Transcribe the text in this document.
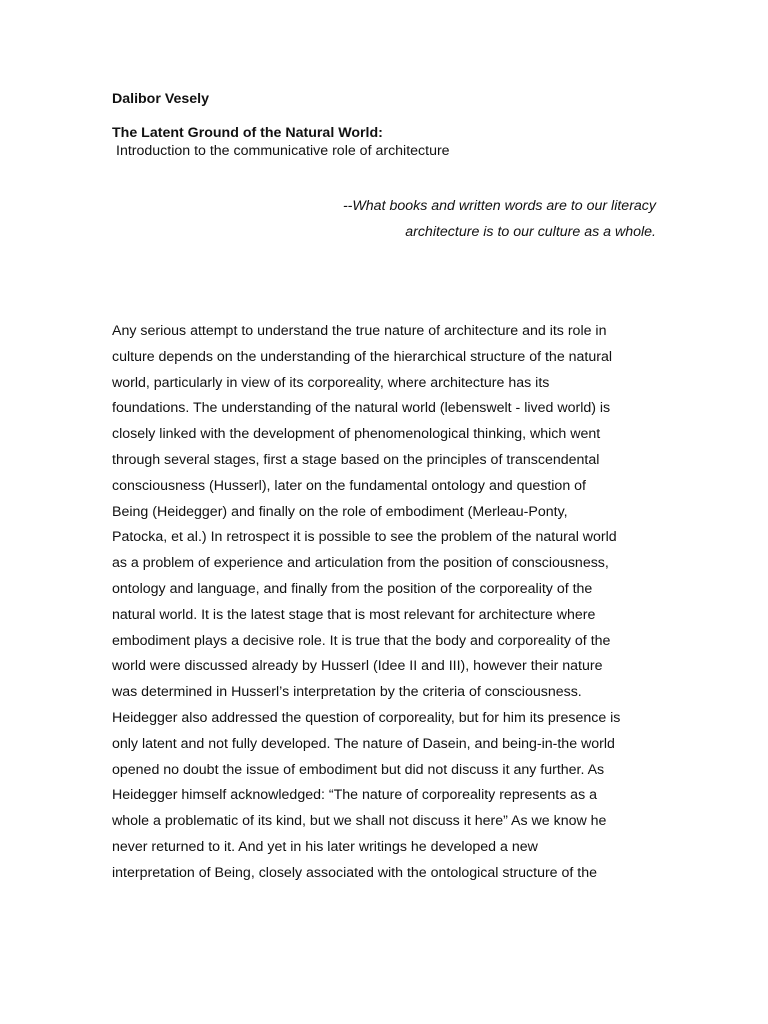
Dalibor Vesely
The Latent Ground of the Natural World:
Introduction to the communicative role of architecture
--What books and written words are to our literacy
architecture is to our culture as a whole.
Any serious attempt to understand the true nature of architecture and its role in
culture depends on the understanding of the hierarchical structure of the natural
world, particularly in view of its corporeality, where architecture has its
foundations. The understanding of the natural world (lebenswelt - lived world) is
closely linked with the development of phenomenological thinking, which went
through several stages, first a stage based on the principles of transcendental
consciousness (Husserl), later on the fundamental ontology and question of
Being (Heidegger) and finally on the role of embodiment (Merleau-Ponty,
Patocka, et al.) In retrospect it is possible to see the problem of the natural world
as a problem of experience and articulation from the position of consciousness,
ontology and language, and finally from the position of the corporeality of the
natural world. It is the latest stage that is most relevant for architecture where
embodiment plays a decisive role. It is true that the body and corporeality of the
world were discussed already by Husserl (Idee II and III), however their nature
was determined in Husserl’s interpretation by the criteria of consciousness.
Heidegger also addressed the question of corporeality, but for him its presence is
only latent and not fully developed. The nature of Dasein, and being-in-the world
opened no doubt the issue of embodiment but did not discuss it any further. As
Heidegger himself acknowledged: “The nature of corporeality represents as a
whole a problematic of its kind, but we shall not discuss it here” As we know he
never returned to it. And yet in his later writings he developed a new
interpretation of Being, closely associated with the ontological structure of the
